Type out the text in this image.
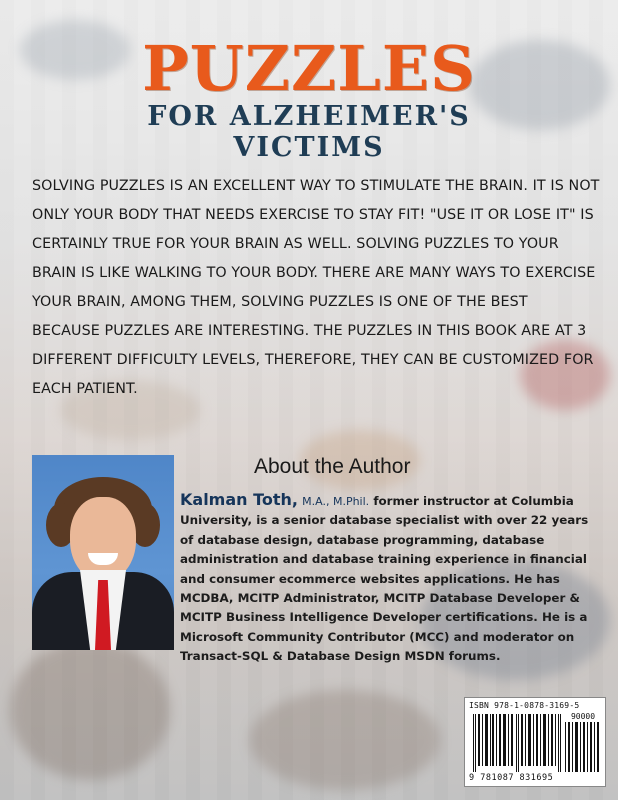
PUZZLES
FOR ALZHEIMER'S
VICTIMS

SOLVING PUZZLES IS AN EXCELLENT WAY TO STIMULATE THE BRAIN. IT IS NOT ONLY YOUR BODY THAT NEEDS EXERCISE TO STAY FIT! "USE IT OR LOSE IT" IS CERTAINLY TRUE FOR YOUR BRAIN AS WELL. SOLVING PUZZLES TO YOUR BRAIN IS LIKE WALKING TO YOUR BODY. THERE ARE MANY WAYS TO EXERCISE YOUR BRAIN, AMONG THEM, SOLVING PUZZLES IS ONE OF THE BEST BECAUSE PUZZLES ARE INTERESTING. THE PUZZLES IN THIS BOOK ARE AT 3 DIFFERENT DIFFICULTY LEVELS, THEREFORE, THEY CAN BE CUSTOMIZED FOR EACH PATIENT.

About the Author
Kalman Toth, M.A., M.Phil. former instructor at Columbia University, is a senior database specialist with over 22 years of database design, database programming, database administration and database training experience in financial and consumer ecommerce websites applications. He has MCDBA, MCITP Administrator, MCITP Database Developer & MCITP Business Intelligence Developer certifications. He is a Microsoft Community Contributor (MCC) and moderator on Transact-SQL & Database Design MSDN forums.
ISBN 978-1-0878-3169-5
90000
9 781087 831695
